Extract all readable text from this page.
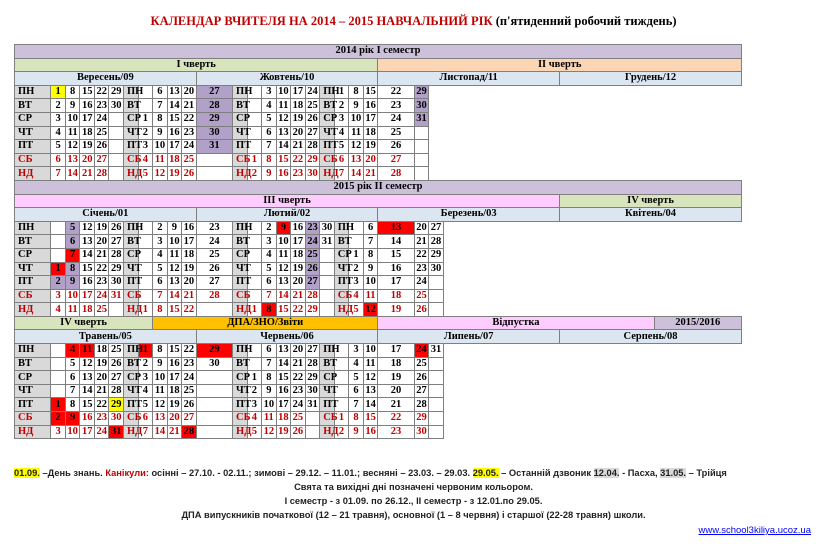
КАЛЕНДАР ВЧИТЕЛЯ НА 2014 – 2015 НАВЧАЛЬНИЙ РІК (п'ятиденний робочий тиждень)
2014 рік І семестр																										
І чверть																						ІІ чверть				
Вересень/09											Жовтень/10											Листопад/11			Грудень/12	
ПН	1	8	15	22	29	ПН		6	13	20	27	ПН		3	10	17	24	ПН	1	8	15	22	29			
ВТ	2	9	16	23	30	ВТ		7	14	21	28	ВТ		4	11	18	25	ВТ	2	9	16	23	30			
СР	3	10	17	24		СР	1	8	15	22	29	СР		5	12	19	26	СР	3	10	17	24	31			
ЧТ	4	11	18	25		ЧТ	2	9	16	23	30	ЧТ		6	13	20	27	ЧТ	4	11	18	25				
ПТ	5	12	19	26		ПТ	3	10	17	24	31	ПТ		7	14	21	28	ПТ	5	12	19	26				
СБ	6	13	20	27		СБ	4	11	18	25		СБ	1	8	15	22	29	СБ	6	13	20	27				
НД	7	14	21	28		НД	5	12	19	26		НД	2	9	16	23	30	НД	7	14	21	28				
2015 рік ІІ семестр																										
ІІІ чверть																									IV чверть	
Січень/01											Лютий/02											Березень/03			Квітень/04	
ПН		5	12	19	26	ПН		2	9	16	23	ПН		2	9	16	23	30	ПН		6	13	20	27		
ВТ		6	13	20	27	ВТ		3	10	17	24	ВТ		3	10	17	24	31	ВТ		7	14	21	28		
СР		7	14	21	28	СР		4	11	18	25	СР		4	11	18	25		СР	1	8	15	22	29		
ЧТ	1	8	15	22	29	ЧТ		5	12	19	26	ЧТ		5	12	19	26		ЧТ	2	9	16	23	30		
ПТ	2	9	16	23	30	ПТ		6	13	20	27	ПТ		6	13	20	27		ПТ	3	10	17	24			
СБ	3	10	17	24	31	СБ		7	14	21	28	СБ		7	14	21	28		СБ	4	11	18	25			
НД	4	11	18	25		НД	1	8	15	22		НД	1	8	15	22	29		НД	5	12	19	26			
IV чверть								ДПА/ЗНО/Звіти														Відпустка				2015/2016
Травень/05											Червень/06											Липень/07			Серпень/08	
ПН		4	11	18	25	ПН	1	8	15	22	29	ПН		6	13	20	27	ПН		3	10	17	24	31		
ВТ		5	12	19	26	ВТ	2	9	16	23	30	ВТ		7	14	21	28	ВТ		4	11	18	25			
СР		6	13	20	27	СР	3	10	17	24		СР	1	8	15	22	29	СР		5	12	19	26			
ЧТ		7	14	21	28	ЧТ	4	11	18	25		ЧТ	2	9	16	23	30	ЧТ		6	13	20	27			
ПТ	1	8	15	22	29	ПТ	5	12	19	26		ПТ	3	10	17	24	31	ПТ		7	14	21	28			
СБ	2	9	16	23	30	СБ	6	13	20	27		СБ	4	11	18	25		СБ	1	8	15	22	29			
НД	3	10	17	24	31	НД	7	14	21	28		НД	5	12	19	26		НД	2	9	16	23	30			
01.09. –День знань. Канікули: осінні – 27.10. - 02.11.; зимові – 29.12. – 11.01.; весняні – 23.03. – 29.03. 29.05. – Останній дзвоник 12.04. - Пасха, 31.05. – Трійця
Свята та вихідні дні позначені червоним кольором.
І семестр - з 01.09. по 26.12., ІІ семестр - з 12.01.по 29.05.
ДПА випускників початкової (12 – 21 травня), основної (1 – 8 червня) і старшої (22-28 травня) школи.
www.school3kiliya.ucoz.ua
